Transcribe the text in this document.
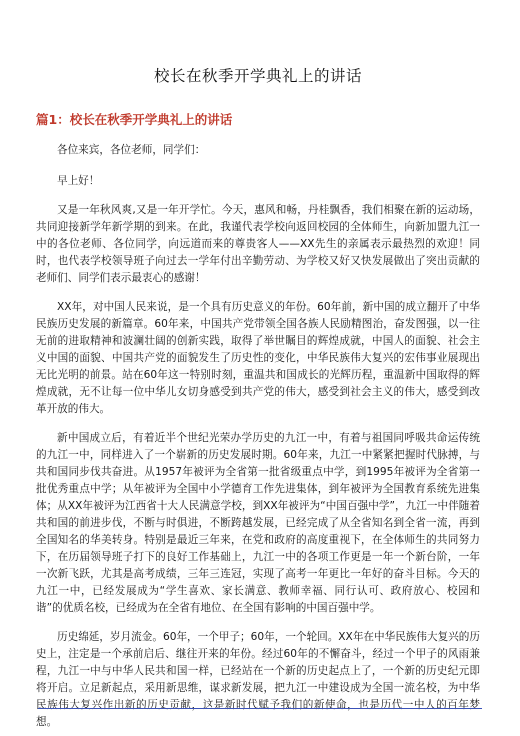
校长在秋季开学典礼上的讲话
篇1：校长在秋季开学典礼上的讲话

各位来宾，各位老师，同学们：

早上好！

又是一年秋风爽,又是一年开学忙。今天，惠风和畅，丹桂飘香，我们相聚在新的运动场，共同迎接新学年新学期的到来。在此，我谨代表学校向返回校园的全体师生，向新加盟九江一中的各位老师、各位同学，向远道而来的尊贵客人——XX先生的亲属表示最热烈的欢迎！同时，也代表学校领导班子向过去一学年付出辛勤劳动、为学校又好又快发展做出了突出贡献的老师们、同学们表示最衷心的感谢！

XX年，对中国人民来说，是一个具有历史意义的年份。60年前，新中国的成立翻开了中华民族历史发展的新篇章。60年来，中国共产党带领全国各族人民励精图治，奋发图强，以一往无前的进取精神和波澜壮阔的创新实践，取得了举世瞩目的辉煌成就，中国人的面貌、社会主义中国的面貌、中国共产党的面貌发生了历史性的变化，中华民族伟大复兴的宏伟事业展现出无比光明的前景。站在60年这一特别时刻，重温共和国成长的光辉历程，重温新中国取得的辉煌成就，无不让每一位中华儿女切身感受到共产党的伟大，感受到社会主义的伟大，感受到改革开放的伟大。

新中国成立后，有着近半个世纪光荣办学历史的九江一中，有着与祖国同呼吸共命运传统的九江一中，同样进入了一个崭新的历史发展时期。60年来，九江一中紧紧把握时代脉搏，与共和国同步伐共奋进。从1957年被评为全省第一批省级重点中学，到1995年被评为全省第一批优秀重点中学；从年被评为全国中小学德育工作先进集体，到年被评为全国教育系统先进集体；从XX年被评为江西省十大人民满意学校，到XX年被评为“中国百强中学”，九江一中伴随着共和国的前进步伐，不断与时俱进，不断跨越发展，已经完成了从全省知名到全省一流，再到全国知名的华美转身。特别是最近三年来，在党和政府的高度重视下，在全体师生的共同努力下，在历届领导班子打下的良好工作基础上，九江一中的各项工作更是一年一个新台阶，一年一次新飞跃，尤其是高考成绩，三年三连冠，实现了高考一年更比一年好的奋斗目标。今天的九江一中，已经发展成为“学生喜欢、家长满意、教师幸福、同行认可、政府放心、校园和谐”的优质名校，已经成为在全省有地位、在全国有影响的中国百强中学。

历史绵延，岁月流金。60年，一个甲子；60年，一个轮回。XX年在中华民族伟大复兴的历史上，注定是一个承前启后、继往开来的年份。经过60年的不懈奋斗，经过一个甲子的风雨兼程，九江一中与中华人民共和国一样，已经站在一个新的历史起点上了，一个新的历史纪元即将开启。立足新起点，采用新思维，谋求新发展，把九江一中建设成为全国一流名校，为中华民族伟大复兴作出新的历史贡献，这是新时代赋予我们的新使命，也是历代一中人的百年梦想。
